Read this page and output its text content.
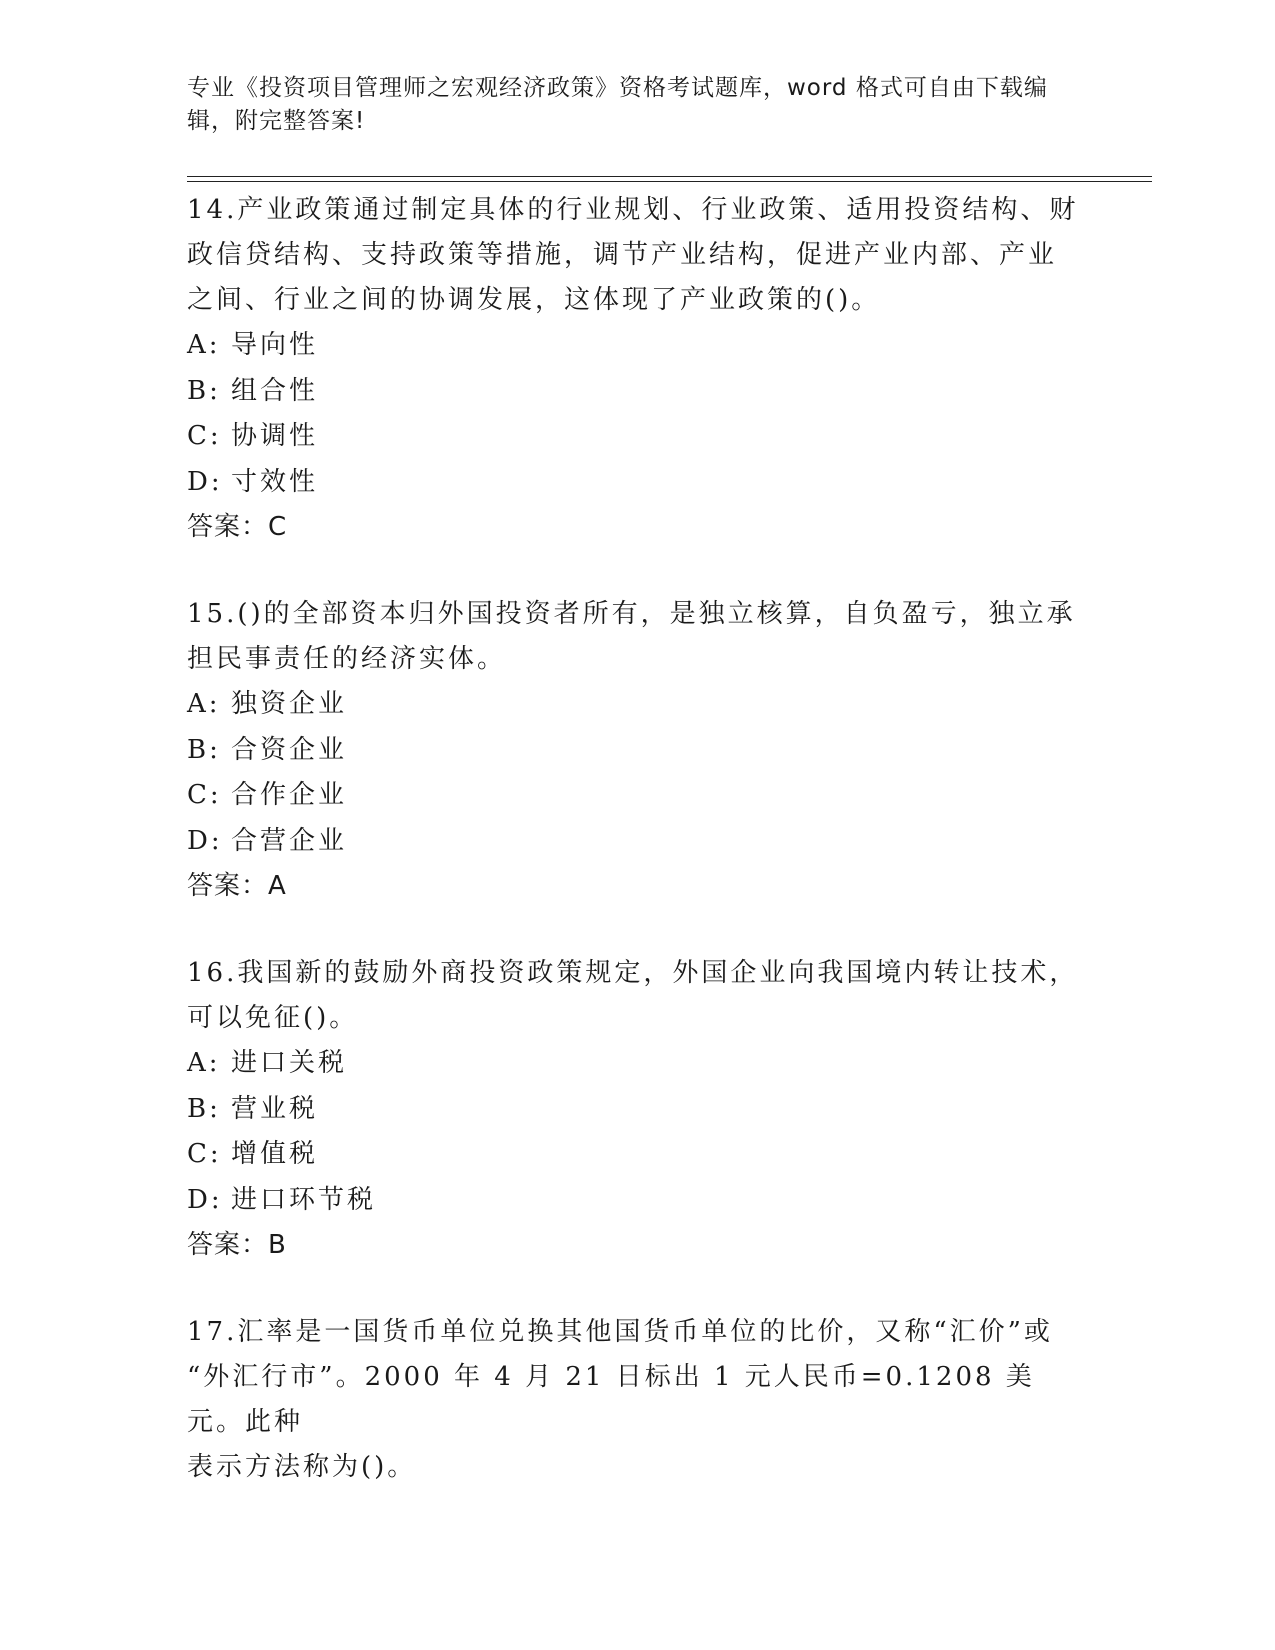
专业《投资项目管理师之宏观经济政策》资格考试题库，word 格式可自由下载编
辑，附完整答案!

14.产业政策通过制定具体的行业规划、行业政策、适用投资结构、财

政信贷结构、支持政策等措施，调节产业结构，促进产业内部、产业

之间、行业之间的协调发展，这体现了产业政策的()。

A: 导向性
B: 组合性
C: 协调性
D: 寸效性

答案：C

15.()的全部资本归外国投资者所有，是独立核算，自负盈亏，独立承

担民事责任的经济实体。

A: 独资企业
B: 合资企业
C: 合作企业
D: 合营企业

答案：A

16.我国新的鼓励外商投资政策规定，外国企业向我国境内转让技术，

可以免征()。

A: 进口关税
B: 营业税
C: 增值税
D: 进口环节税

答案：B

17.汇率是一国货币单位兑换其他国货币单位的比价，又称“汇价”或

“外汇行市”。2000 年 4 月 21 日标出 1 元人民币=0.1208 美元。此种

表示方法称为()。
